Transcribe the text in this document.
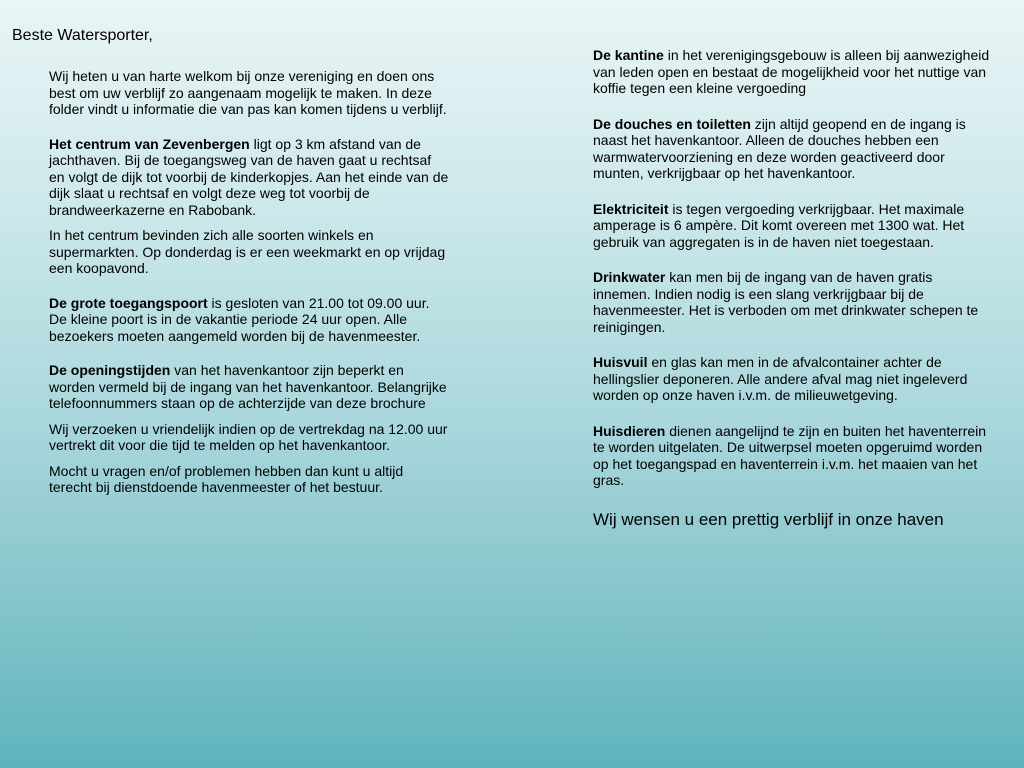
Beste Watersporter,

Wij heten u van harte welkom bij onze vereniging en doen ons best om uw verblijf zo aangenaam mogelijk te maken. In deze folder vindt u informatie die van pas kan komen tijdens u verblijf.

Het centrum van Zevenbergen ligt op 3 km afstand van de jachthaven. Bij de toegangsweg van de haven gaat u rechtsaf en volgt de dijk tot voorbij de kinderkopjes. Aan het einde van de dijk slaat u rechtsaf en volgt deze weg tot voorbij de brandweerkazerne en Rabobank.

In het centrum bevinden zich alle soorten winkels en supermarkten. Op donderdag is er een weekmarkt en op vrijdag een koopavond.

De grote toegangspoort is gesloten van 21.00 tot 09.00 uur. De kleine poort is in de vakantie periode 24 uur open. Alle bezoekers moeten aangemeld worden bij de havenmeester.

De openingstijden van het havenkantoor zijn beperkt en worden vermeld bij de ingang van het havenkantoor. Belangrijke telefoonnummers staan op de achterzijde van deze brochure

Wij verzoeken u vriendelijk indien op de vertrekdag na 12.00 uur vertrekt dit voor die tijd te melden op het havenkantoor.

Mocht u vragen en/of problemen hebben dan kunt u altijd terecht bij dienstdoende havenmeester of het bestuur.

De kantine in het verenigingsgebouw is alleen bij aanwezigheid van leden open en bestaat de mogelijkheid voor het nuttige van koffie tegen een kleine vergoeding

De douches en toiletten zijn altijd geopend en de ingang is naast het havenkantoor. Alleen de douches hebben een warmwatervoorziening en deze worden geactiveerd door munten, verkrijgbaar op het havenkantoor.

Elektriciteit is tegen vergoeding verkrijgbaar. Het maximale amperage is 6 ampère. Dit komt overeen met 1300 wat. Het gebruik van aggregaten is in de haven niet toegestaan.

Drinkwater kan men bij de ingang van de haven gratis innemen. Indien nodig is een slang verkrijgbaar bij de havenmeester. Het is verboden om met drinkwater schepen te reinigingen.

Huisvuil en glas kan men in de afvalcontainer achter de hellingslier deponeren. Alle andere afval mag niet ingeleverd worden op onze haven i.v.m. de milieuwetgeving.

Huisdieren dienen aangelijnd te zijn en buiten het haventerrein te worden uitgelaten. De uitwerpsel moeten opgeruimd worden op het toegangspad en haventerrein i.v.m. het maaien van het gras.

Wij wensen u een prettig verblijf in onze haven
